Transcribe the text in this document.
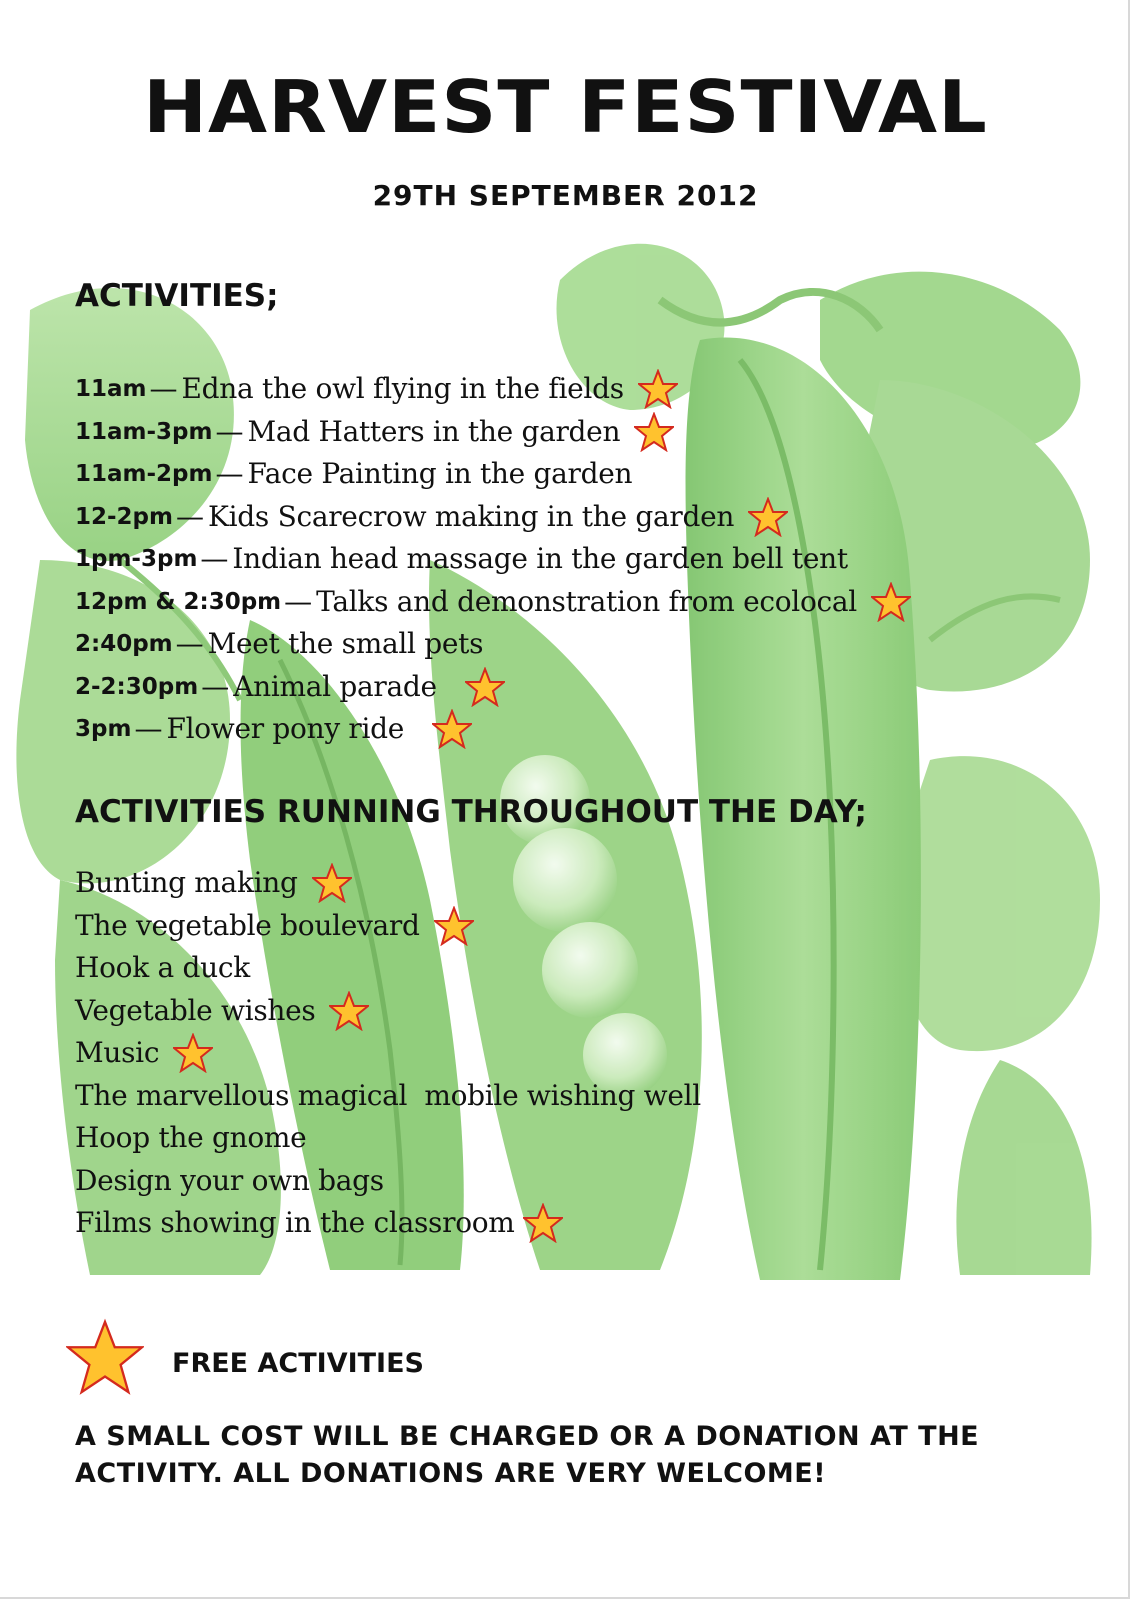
HARVEST FESTIVAL
29TH SEPTEMBER 2012
ACTIVITIES;
11am — Edna the owl flying in the fields
11am-3pm — Mad Hatters in the garden
11am-2pm — Face Painting in the garden
12-2pm — Kids Scarecrow making in the garden
1pm-3pm — Indian head massage in the garden bell tent
12pm & 2:30pm — Talks and demonstration from ecolocal
2:40pm — Meet the small pets
2-2:30pm — Animal parade
3pm — Flower pony ride
ACTIVITIES RUNNING THROUGHOUT THE DAY;
Bunting making
The vegetable boulevard
Hook a duck
Vegetable wishes
Music
The marvellous magical  mobile wishing well
Hoop the gnome
Design your own bags
Films showing in the classroom
FREE ACTIVITIES

A SMALL COST WILL BE CHARGED OR A DONATION AT THE ACTIVITY. ALL DONATIONS ARE VERY WELCOME!
